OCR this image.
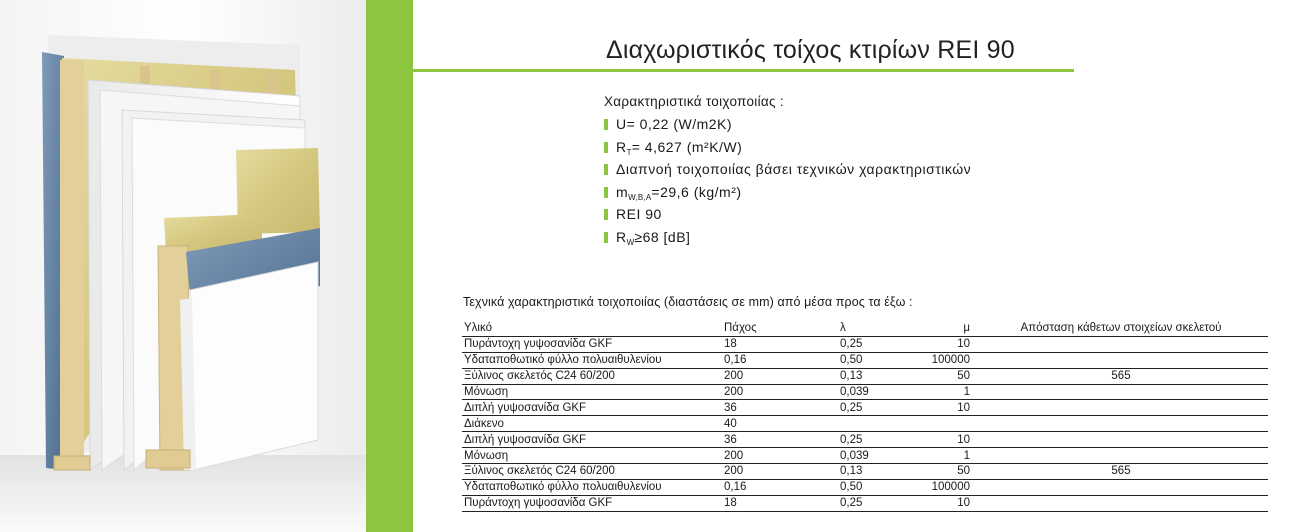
Διαχωριστικός τοίχος κτιρίων REI 90
Χαρακτηριστικά τοιχοποιίας :
U= 0,22 (W/m2K)
$R_T= 4,627$ (m²K/W)
Διαπνοή τοιχοποιίας βάσει τεχνικών χαρακτηριστικών
$m_{W,B,A}=29,6$ (kg/m²)
REI 90
$R_W\ge 68$ [dB]
Τεχνικά χαρακτηριστικά τοιχοποιίας (διαστάσεις σε mm) από μέσα προς τα έξω :
Υλικό	Πάχος	λ	μ	Απόσταση κάθετων στοιχείων σκελετού
Πυράντοχη γυψοσανίδα GKF	18	0,25	10	
Υδαταποθωτικό φύλλο πολυαιθυλενίου	0,16	0,50	100000	
Ξύλινος σκελετός C24 60/200	200	0,13	50	565
Μόνωση	200	0,039	1	
Διπλή γυψοσανίδα GKF	36	0,25	10	
Διάκενο	40			
Διπλή γυψοσανίδα GKF	36	0,25	10	
Μόνωση	200	0,039	1	
Ξύλινος σκελετός C24 60/200	200	0,13	50	565
Υδαταποθωτικό φύλλο πολυαιθυλενίου	0,16	0,50	100000	
Πυράντοχη γυψοσανίδα GKF	18	0,25	10	
